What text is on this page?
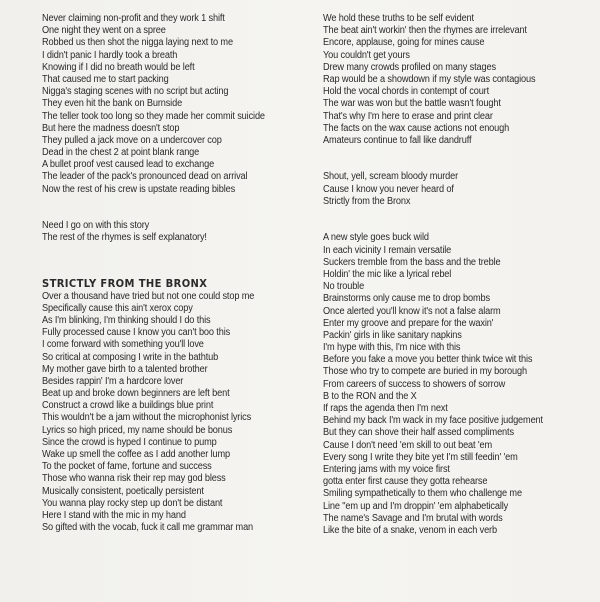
Never claiming non-profit and they work 1 shift
One night they went on a spree
Robbed us then shot the nigga laying next to me
I didn't panic I hardly took a breath
Knowing if I did no breath would be left
That caused me to start packing
Nigga's staging scenes with no script but acting
They even hit the bank on Burnside
The teller took too long so they made her commit suicide
But here the madness doesn't stop
They pulled a jack move on a undercover cop
Dead in the chest 2 at point blank range
A bullet proof vest caused lead to exchange
The leader of the pack's pronounced dead on arrival
Now the rest of his crew is upstate reading bibles
Need I go on with this story
The rest of the rhymes is self explanatory!
STRICTLY FROM THE BRONX
Over a thousand have tried but not one could stop me
Specifically cause this ain't xerox copy
As I'm blinking, I'm thinking should I do this
Fully processed cause I know you can't boo this
I come forward with something you'll love
So critical at composing I write in the bathtub
My mother gave birth to a talented brother
Besides rappin' I'm a hardcore lover
Beat up and broke down beginners are left bent
Construct a crowd like a buildings blue print
This wouldn't be a jam without the microphonist lyrics
Lyrics so high priced, my name should be bonus
Since the crowd is hyped I continue to pump
Wake up smell the coffee as I add another lump
To the pocket of fame, fortune and success
Those who wanna risk their rep may god bless
Musically consistent, poetically persistent
You wanna play rocky step up don't be distant
Here I stand with the mic in my hand
So gifted with the vocab, fuck it call me grammar man
We hold these truths to be self evident
The beat ain't workin' then the rhymes are irrelevant
Encore, applause, going for mines cause
You couldn't get yours
Drew many crowds profiled on many stages
Rap would be a showdown if my style was contagious
Hold the vocal chords in contempt of court
The war was won but the battle wasn't fought
That's why I'm here to erase and print clear
The facts on the wax cause actions not enough
Amateurs continue to fall like dandruff
Shout, yell, scream bloody murder
Cause I know you never heard of
Strictly from the Bronx
A new style goes buck wild
In each vicinity I remain versatile
Suckers tremble from the bass and the treble
Holdin' the mic like a lyrical rebel
No trouble
Brainstorms only cause me to drop bombs
Once alerted you'll know it's not a false alarm
Enter my groove and prepare for the waxin'
Packin' girls in like sanitary napkins
I'm hype with this, I'm nice with this
Before you fake a move you better think twice wit this
Those who try to compete are buried in my borough
From careers of success to showers of sorrow
B to the RON and the X
If raps the agenda then I'm next
Behind my back I'm wack in my face positive judgement
But they can shove their half assed compliments
Cause I don't need 'em skill to out beat 'em
Every song I write they bite yet I'm still feedin' 'em
Entering jams with my voice first
gotta enter first cause they gotta rehearse
Smiling sympathetically to them who challenge me
Line "em up and I'm droppin' 'em alphabetically
The name's Savage and I'm brutal with words
Like the bite of a snake, venom in each verb
